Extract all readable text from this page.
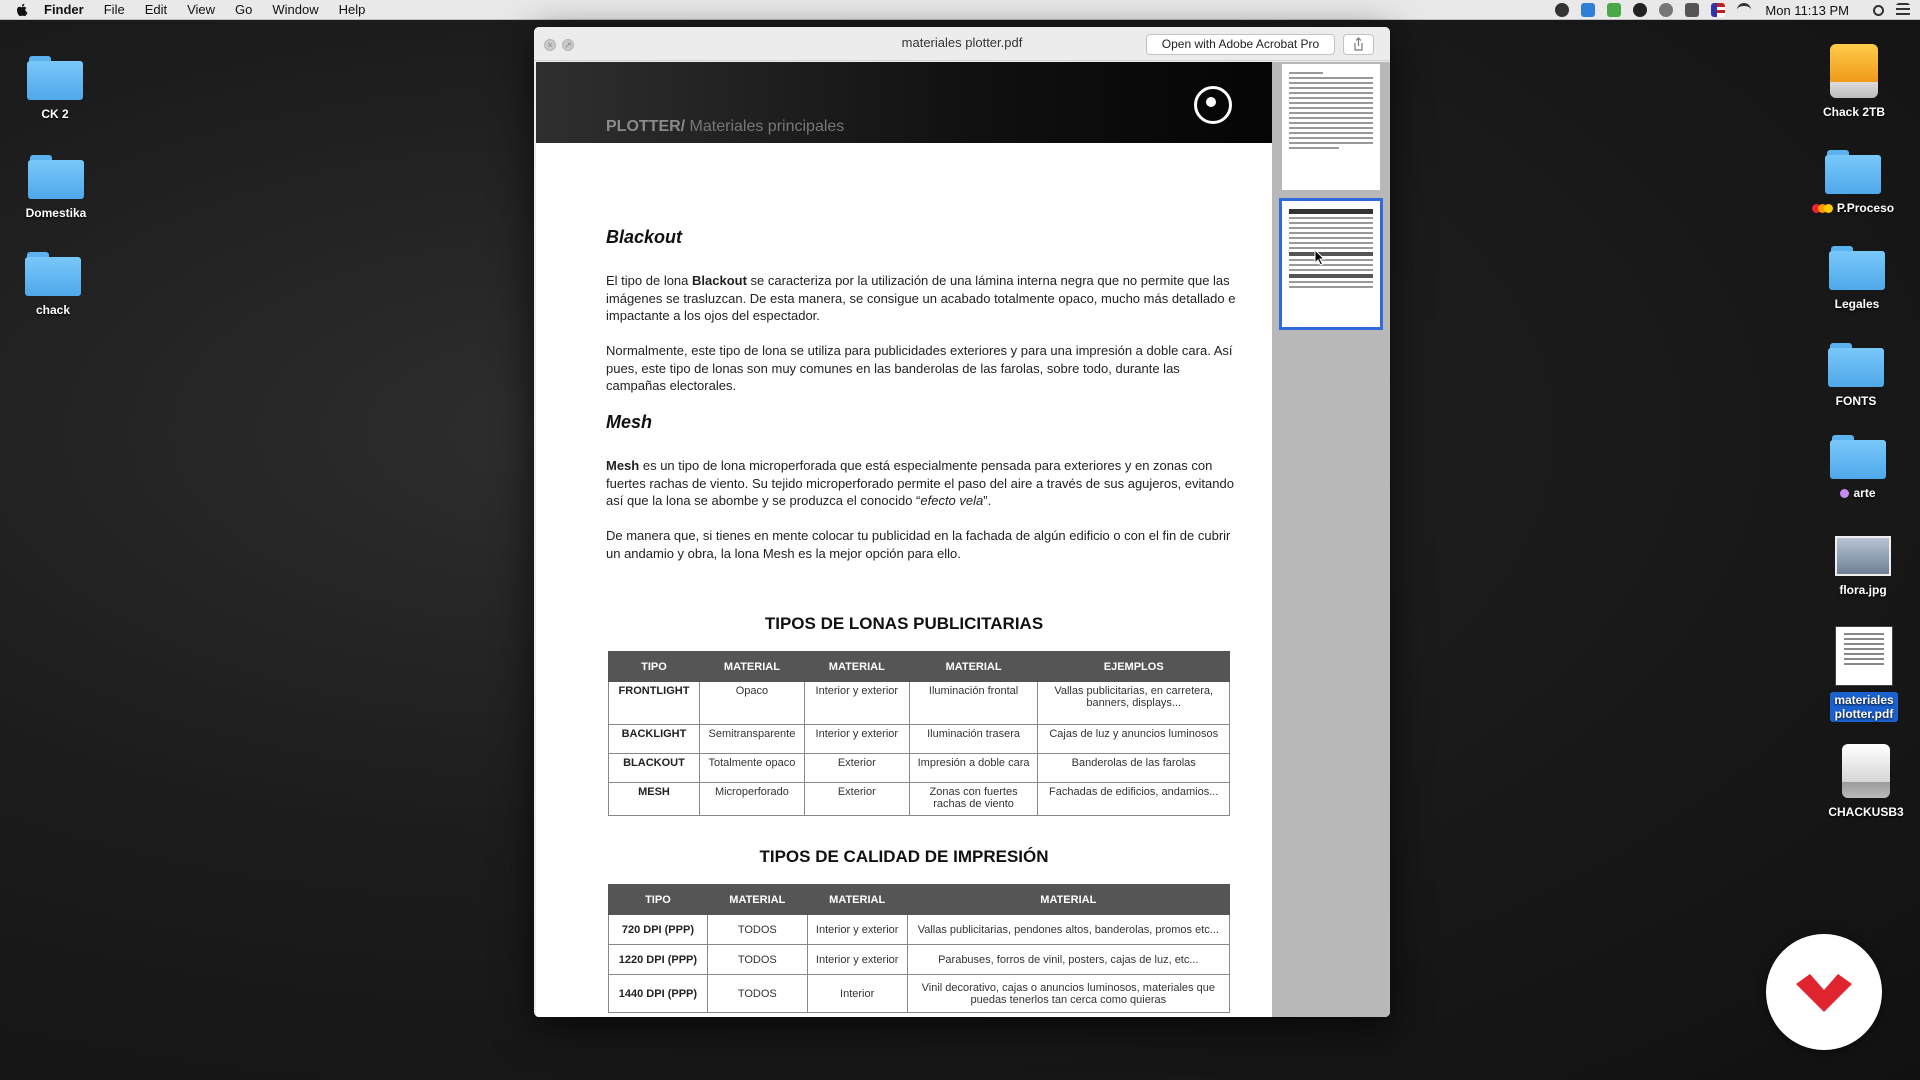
Finder File Edit View Go Window Help	Mon 11:13 PM
CK 2
Domestika
chack
Chack 2TB
P.Proceso
Legales
FONTS
arte
flora.jpg
materiales plotter.pdf
CHACKUSB3
×	↗	materiales plotter.pdf	Open with Adobe Acrobat Pro
PLOTTER/ Materiales principales
Blackout

El tipo de lona Blackout se caracteriza por la utilización de una lámina interna negra que no permite que las imágenes se trasluzcan. De esta manera, se consigue un acabado totalmente opaco, mucho más detallado e impactante a los ojos del espectador.

Normalmente, este tipo de lona se utiliza para publicidades exteriores y para una impresión a doble cara. Así pues, este tipo de lonas son muy comunes en las banderolas de las farolas, sobre todo, durante las campañas electorales.

Mesh

Mesh es un tipo de lona microperforada que está especialmente pensada para exteriores y en zonas con fuertes rachas de viento. Su tejido microperforado permite el paso del aire a través de sus agujeros, evitando así que la lona se abombe y se produzca el conocido “efecto vela”.

De manera que, si tienes en mente colocar tu publicidad en la fachada de algún edificio o con el fin de cubrir un andamio y obra, la lona Mesh es la mejor opción para ello.

TIPOS DE LONAS PUBLICITARIAS
TIPO	MATERIAL	MATERIAL	MATERIAL	EJEMPLOS
FRONTLIGHT	Opaco	Interior y exterior	Iluminación frontal	Vallas publicitarias, en carretera, banners, displays...
BACKLIGHT	Semitransparente	Interior y exterior	Iluminación trasera	Cajas de luz y anuncios luminosos
BLACKOUT	Totalmente opaco	Exterior	Impresión a doble cara	Banderolas de las farolas
MESH	Microperforado	Exterior	Zonas con fuertes rachas de viento	Fachadas de edificios, andamios...
TIPOS DE CALIDAD DE IMPRESIÓN
TIPO	MATERIAL	MATERIAL	MATERIAL
720 DPI (PPP)	TODOS	Interior y exterior	Vallas publicitarias, pendones altos, banderolas, promos etc...
1220 DPI (PPP)	TODOS	Interior y exterior	Parabuses, forros de vinil, posters, cajas de luz, etc...
1440 DPI (PPP)	TODOS	Interior	Vinil decorativo, cajas o anuncios luminosos, materiales que puedas tenerlos tan cerca como quieras
